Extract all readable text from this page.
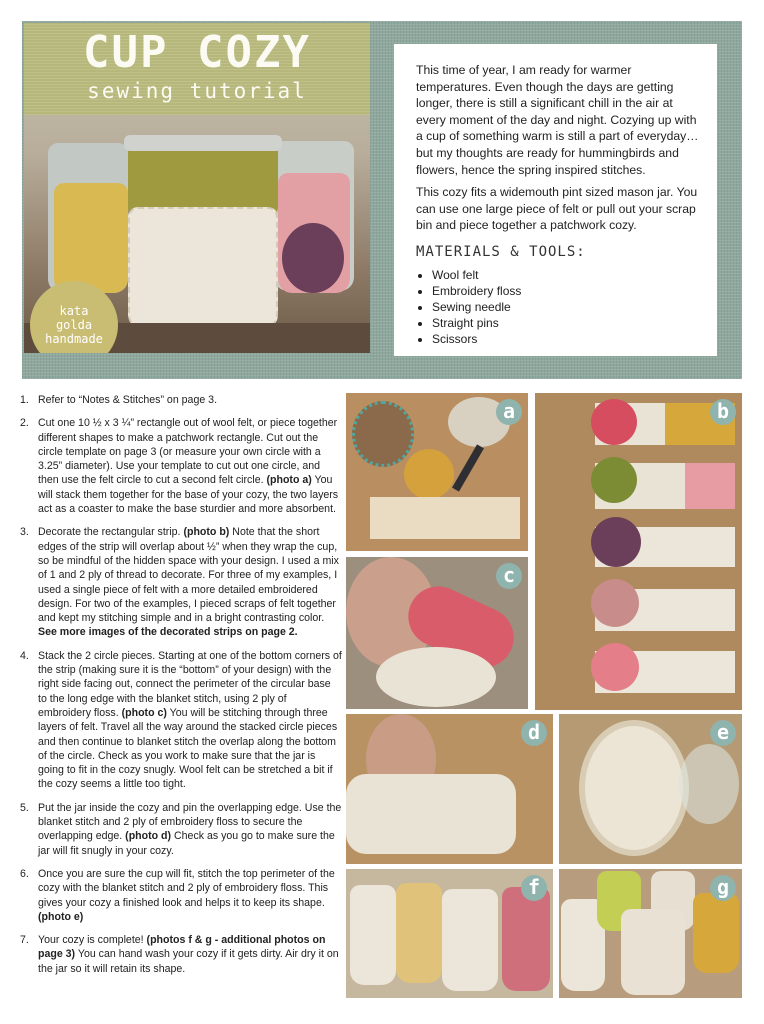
CUP COZY
sewing tutorial
kata
golda
handmade

This time of year, I am ready for warmer temperatures. Even though the days are getting longer, there is still a significant chill in the air at every moment of the day and night. Cozying up with a cup of something warm is still a part of everyday… but my thoughts are ready for hummingbirds and flowers, hence the spring inspired stitches.

This cozy fits a widemouth pint sized mason jar. You can use one large piece of felt or pull out your scrap bin and piece together a patchwork cozy.

MATERIALS & TOOLS:
• Wool felt
• Embroidery floss
• Sewing needle
• Straight pins
• Scissors
1. Refer to “Notes & Stitches” on page 3.
2. Cut one 10 ½ x 3 ¼” rectangle out of wool felt, or piece together different shapes to make a patchwork rectangle. Cut out the circle template on page 3 (or measure your own circle with a 3.25” diameter). Use your template to cut out one circle, and then use the felt circle to cut a second felt circle. (photo a) You will stack them together for the base of your cozy, the two layers act as a coaster to make the base sturdier and more absorbent.
3. Decorate the rectangular strip. (photo b) Note that the short edges of the strip will overlap about ½” when they wrap the cup, so be mindful of the hidden space with your design. I used a mix of 1 and 2 ply of thread to decorate. For three of my examples, I used a single piece of felt with a more detailed embroidered design. For two of the examples, I pieced scraps of felt together and kept my stitching simple and in a bright contrasting color. See more images of the decorated strips on page 2.
4. Stack the 2 circle pieces. Starting at one of the bottom corners of the strip (making sure it is the “bottom” of your design) with the right side facing out, connect the perimeter of the circular base to the long edge with the blanket stitch, using 2 ply of embroidery floss. (photo c) You will be stitching through three layers of felt. Travel all the way around the stacked circle pieces and then continue to blanket stitch the overlap along the bottom of the circle. Check as you work to make sure that the jar is going to fit in the cozy snugly. Wool felt can be stretched a bit if the cozy seems a little too tight.
5. Put the jar inside the cozy and pin the overlapping edge. Use the blanket stitch and 2 ply of embroidery floss to secure the overlapping edge. (photo d) Check as you go to make sure the jar will fit snugly in your cozy.
6. Once you are sure the cup will fit, stitch the top perimeter of the cozy with the blanket stitch and 2 ply of embroidery floss. This gives your cozy a finished look and helps it to keep its shape. (photo e)
7. Your cozy is complete! (photos f & g - additional photos on page 3) You can hand wash your cozy if it gets dirty. Air dry it on the jar so it will retain its shape.
a	b
c
d	e
f	g
